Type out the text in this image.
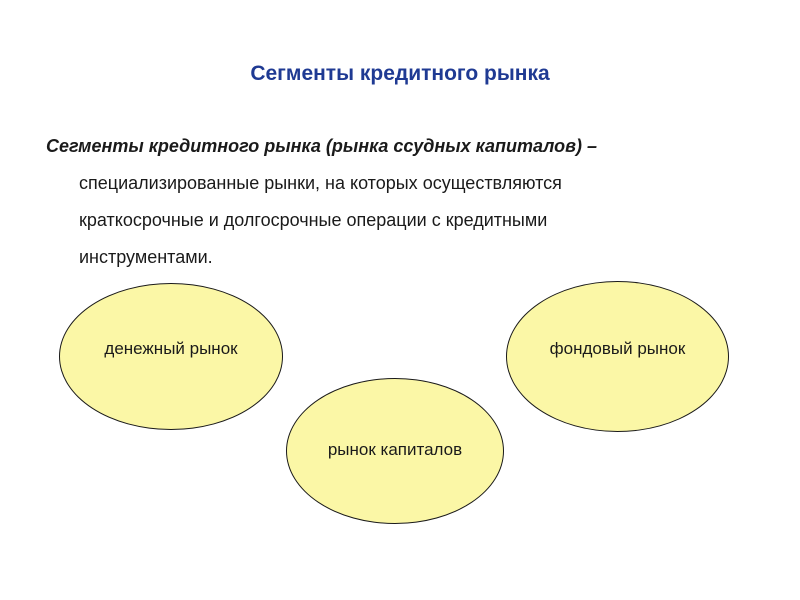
Сегменты кредитного рынка
Сегменты кредитного рынка (рынка ссудных капиталов) –
специализированные рынки, на которых осуществляются
краткосрочные и долгосрочные операции с кредитными
инструментами.
денежный рынок
рынок капиталов
фондовый рынок
